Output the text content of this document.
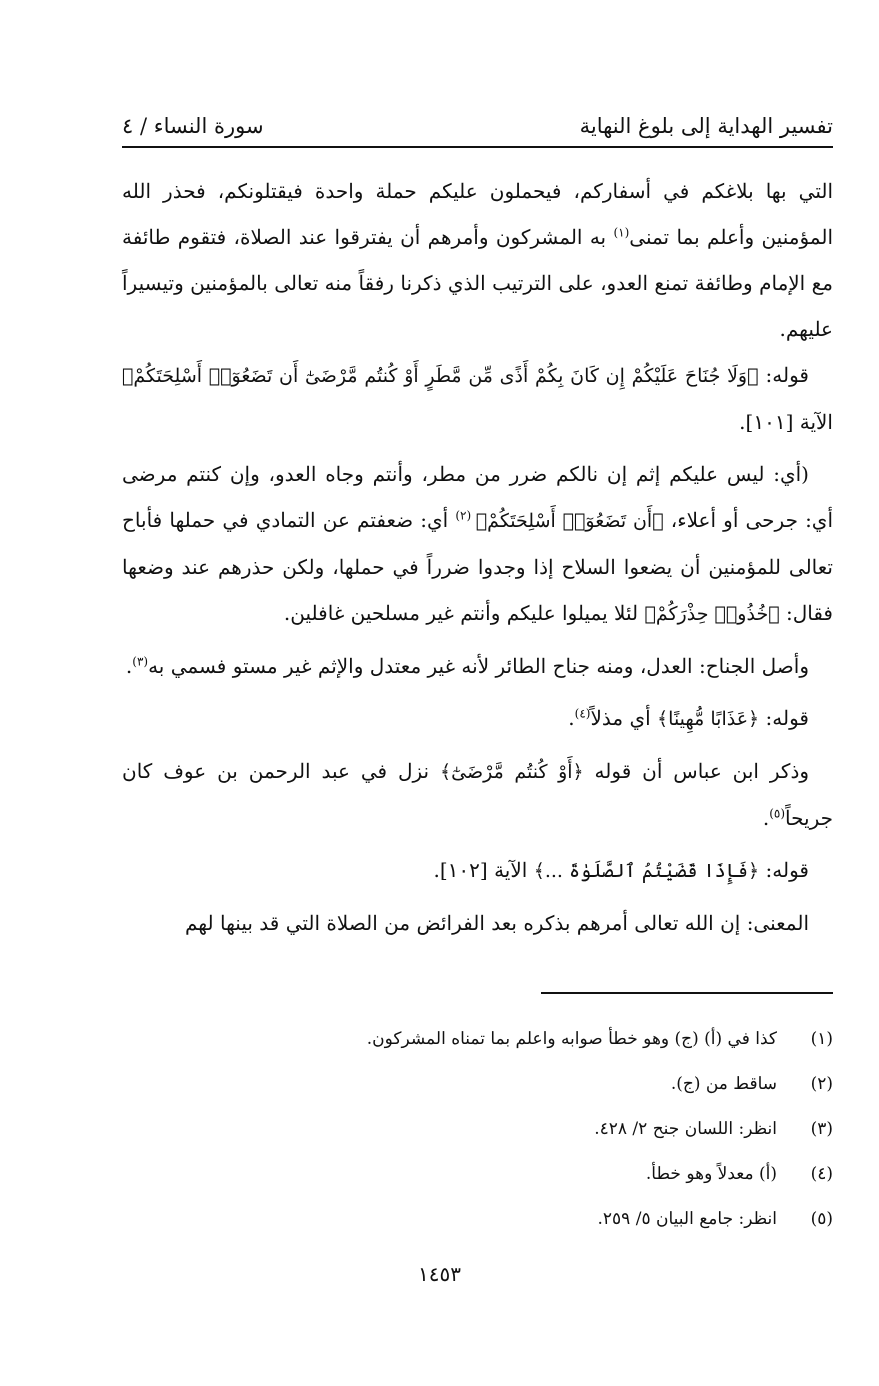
تفسير الهداية إلى بلوغ النهاية
سورة النساء / ٤

التي بها بلاغكم في أسفاركم، فيحملون عليكم حملة واحدة فيقتلونكم، فحذر الله المؤمنين وأعلم بما تمنى$^{(١)}$ به المشركون وأمرهم أن يفترقوا عند الصلاة، فتقوم طائفة مع الإمام وطائفة تمنع العدو، على الترتيب الذي ذكرنا رفقاً منه تعالى بالمؤمنين وتيسيراً عليهم.

قوله: ﴿وَلَا جُنَاحَ عَلَيْكُمْ إِن كَانَ بِكُمْ أَذًى مِّن مَّطَرٍ أَوْ كُنتُم مَّرْضَىٰٓ أَن تَضَعُوٓا۟ أَسْلِحَتَكُمْ﴾ الآية [١٠١].

(أي: ليس عليكم إثم إن نالكم ضرر من مطر، وأنتم وجاه العدو، وإن كنتم مرضى أي: جرحى أو أعلاء، ﴿أَن تَضَعُوٓا۟ أَسْلِحَتَكُمْ﴾ $^{(٢)}$ أي: ضعفتم عن التمادي في حملها فأباح تعالى للمؤمنين أن يضعوا السلاح إذا وجدوا ضرراً في حملها، ولكن حذرهم عند وضعها فقال: ﴿خُذُوا۟ حِذْرَكُمْ﴾ لئلا يميلوا عليكم وأنتم غير مسلحين غافلين.

وأصل الجناح: العدل، ومنه جناح الطائر لأنه غير معتدل والإثم غير مستو فسمي به$^{(٣)}$.

قوله: ﴿عَذَابًا مُّهِينًا﴾ أي مذلاً$^{(٤)}$.

وذكر ابن عباس أن قوله ﴿أَوْ كُنتُم مَّرْضَىٰٓ﴾ نزل في عبد الرحمن بن عوف كان جريحاً$^{(٥)}$.

قوله: ﴿فَإِذَا قَضَيْتُمُ ٱلصَّلَوٰةَ ...﴾ الآية [١٠٢].

المعنى: إن الله تعالى أمرهم بذكره بعد الفرائض من الصلاة التي قد بينها لهم

(١)
كذا في (أ) (ج) وهو خطأ صوابه واعلم بما تمناه المشركون.
(٢)
ساقط من (ج).
(٣)
انظر: اللسان جنح ٢/ ٤٢٨.
(٤)
(أ) معدلاً وهو خطأ.
(٥)
انظر: جامع البيان ٥/ ٢٥٩.
١٤٥٣
